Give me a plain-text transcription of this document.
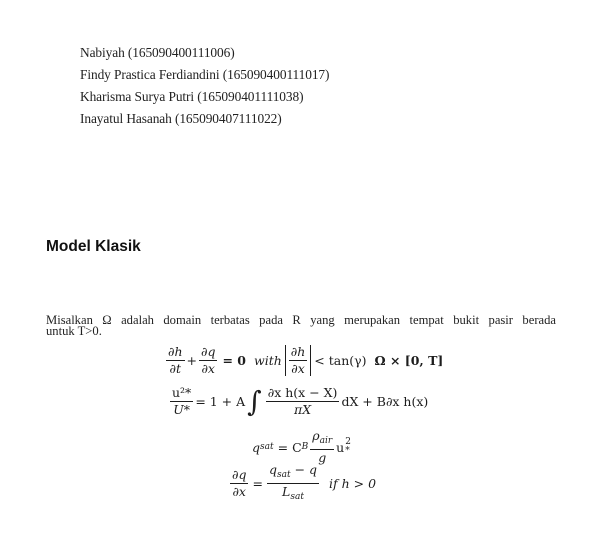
Nabiyah (165090400111006)
Findy Prastica Ferdiandini (165090400111017)
Kharisma Surya Putri (165090401111038)
Inayatul Hasanah (165090407111022)
Model Klasik
Misalkan Ω adalah domain terbatas pada R yang merupakan tempat bukit pasir berada
untuk T>0.
$\frac{\partial h}{\partial t} + \frac{\partial q}{\partial x} = 0$ with $\frac{\partial h}{\partial x} < \tan(\gamma) \Omega \times [0$, T]
$\frac{\text{u²*}}{U*} = 1 + A$ ∫ $\frac{\text{∂x h(x − X)}}{\pi X}$ dX + B∂x h(x)
q sat = C B $\frac{\rho_{air}}{g}$ u 2
*
$\frac{\partial q}{\partial x} = \frac{q_{sat} - q}{L_{sat}}$ if h > 0
